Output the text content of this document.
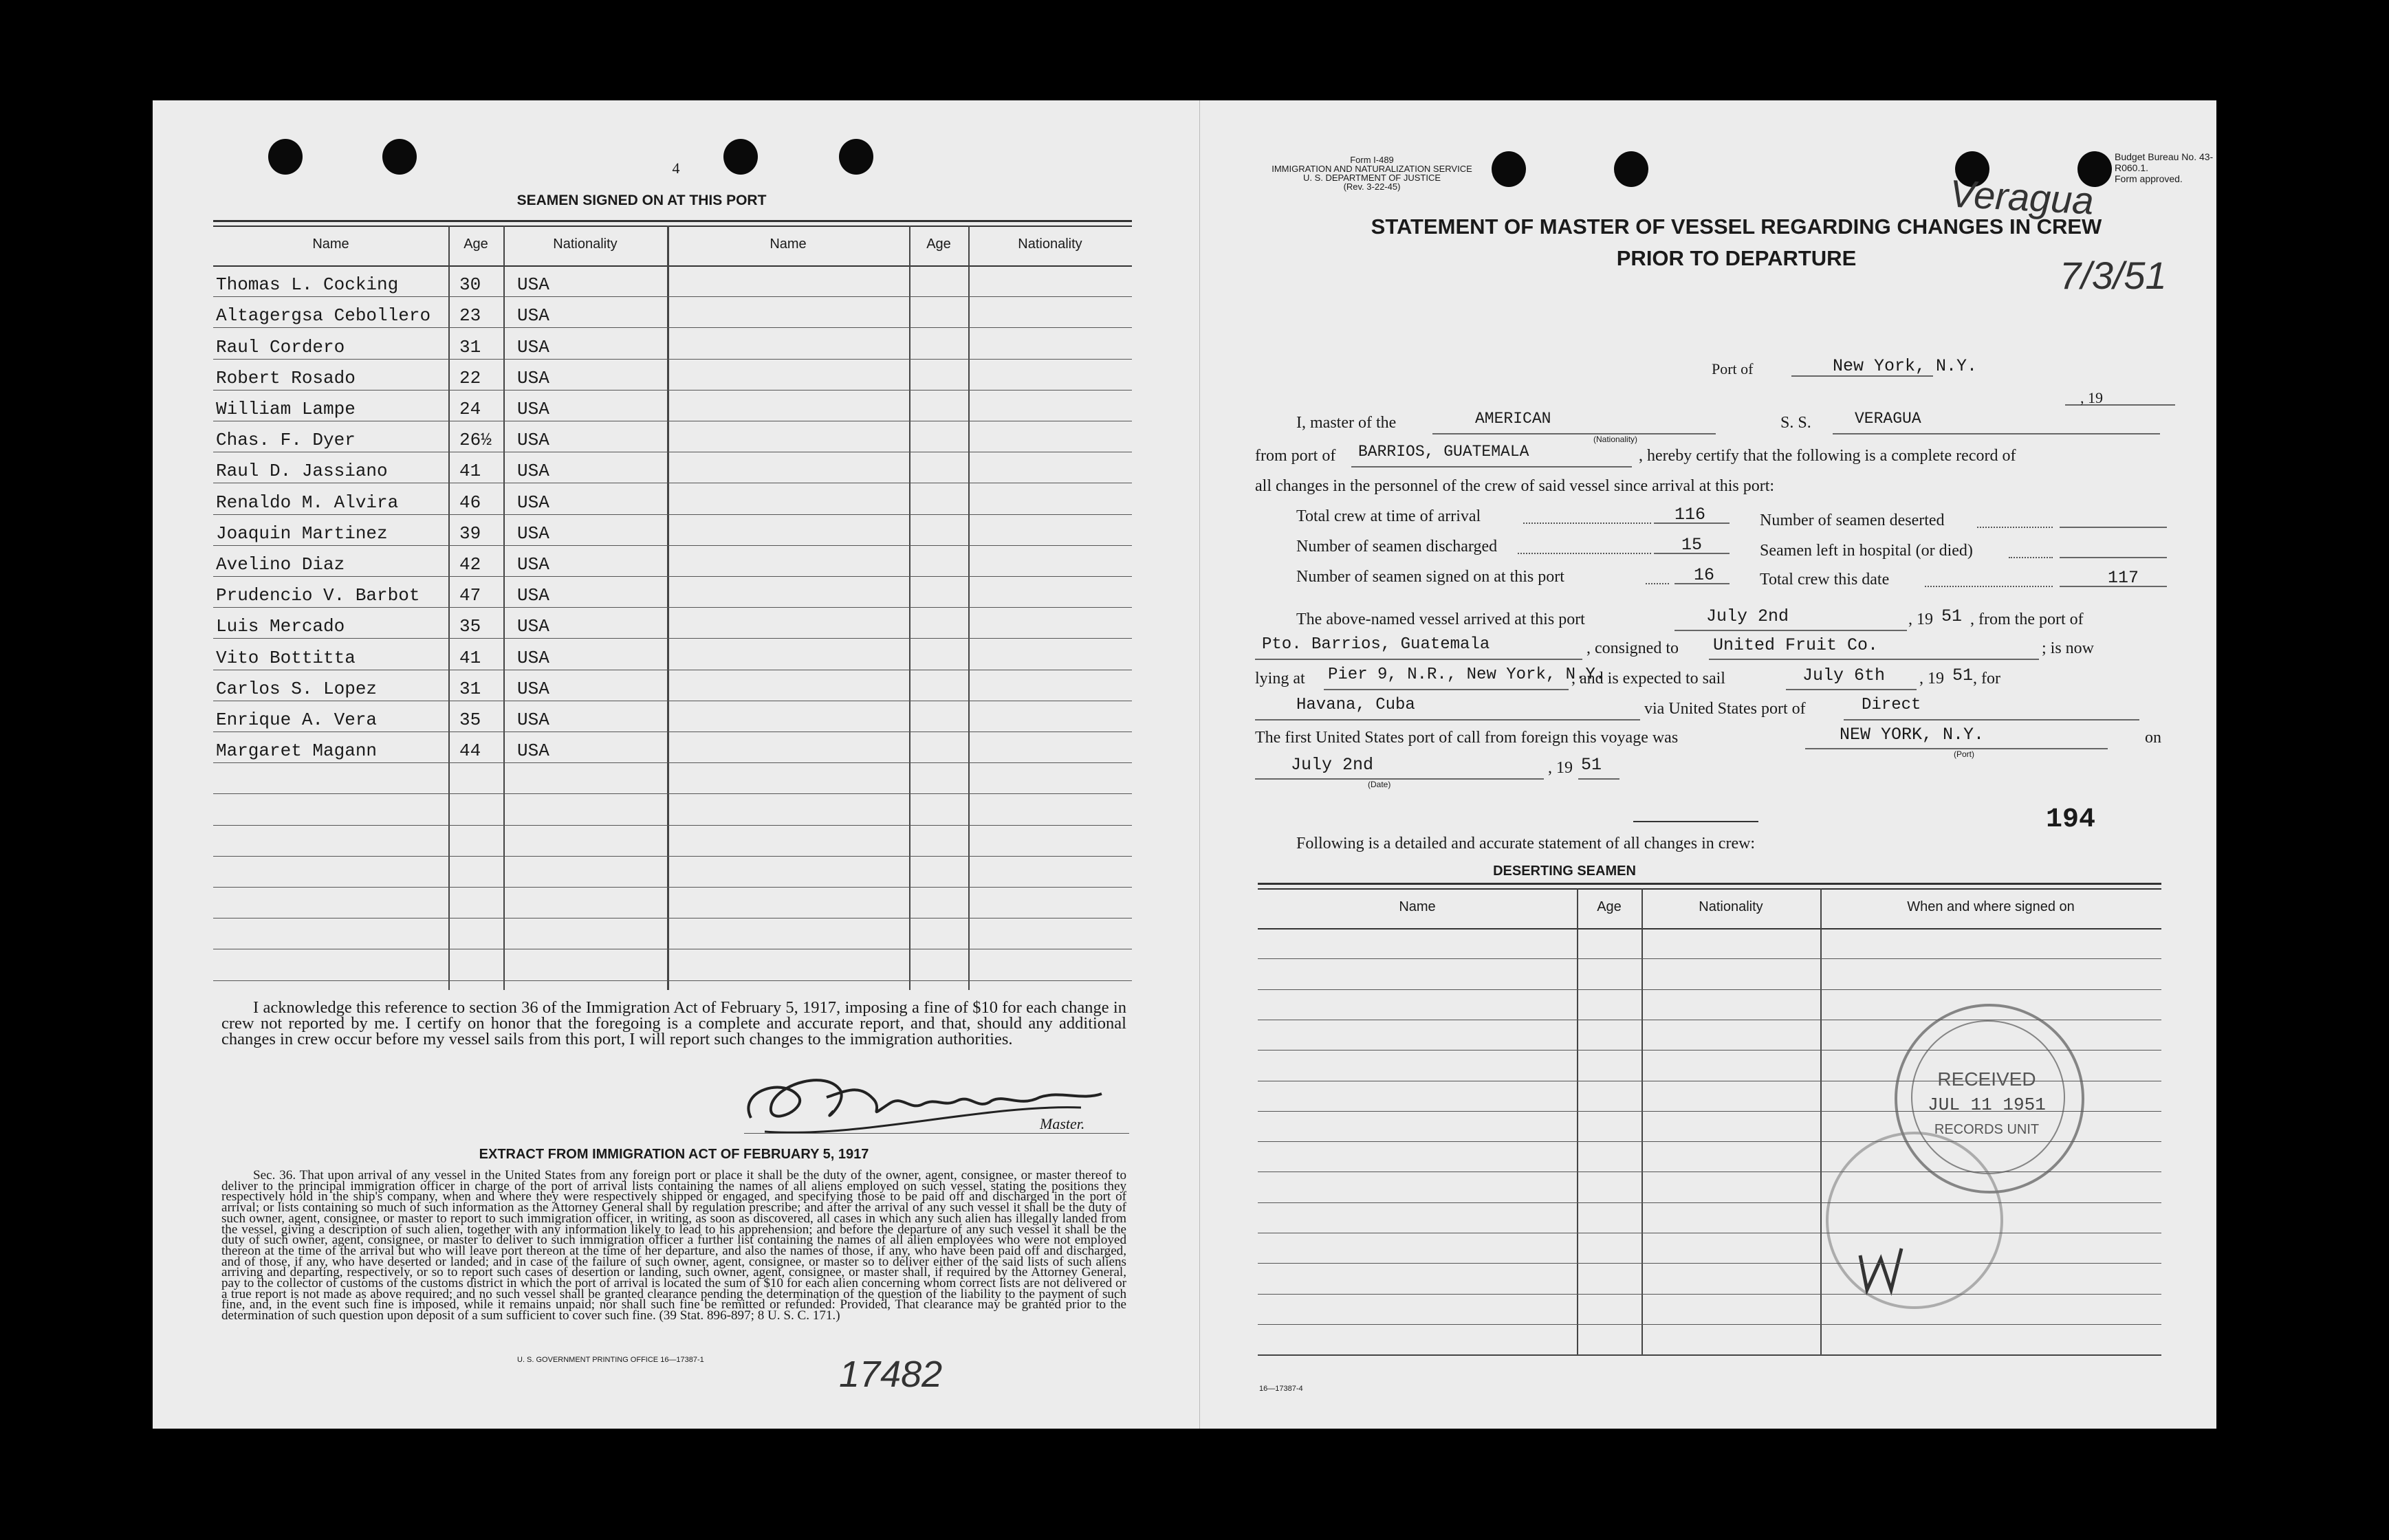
4
SEAMEN SIGNED ON AT THIS PORT
Name	Age	Nationality	Name	Age	Nationality
I acknowledge this reference to section 36 of the Immigration Act of February 5, 1917, imposing a fine of $10 for each change in crew not reported by me. I certify on honor that the foregoing is a complete and accurate report, and that, should any additional changes in crew occur before my vessel sails from this port, I will report such changes to the immigration authorities.
Master.
EXTRACT FROM IMMIGRATION ACT OF FEBRUARY 5, 1917
Sec. 36. That upon arrival of any vessel in the United States from any foreign port or place it shall be the duty of the owner, agent, consignee, or master thereof to deliver to the principal immigration officer in charge of the port of arrival lists containing the names of all aliens employed on such vessel, stating the positions they respectively hold in the ship's company, when and where they were respectively shipped or engaged, and specifying those to be paid off and discharged in the port of arrival; or lists containing so much of such information as the Attorney General shall by regulation prescribe; and after the arrival of any such vessel it shall be the duty of such owner, agent, consignee, or master to report to such immigration officer, in writing, as soon as discovered, all cases in which any such alien has illegally landed from the vessel, giving a description of such alien, together with any information likely to lead to his apprehension; and before the departure of any such vessel it shall be the duty of such owner, agent, consignee, or master to deliver to such immigration officer a further list containing the names of all alien employees who were not employed thereon at the time of the arrival but who will leave port thereon at the time of her departure, and also the names of those, if any, who have been paid off and discharged, and of those, if any, who have deserted or landed; and in case of the failure of such owner, agent, consignee, or master so to deliver either of the said lists of such aliens arriving and departing, respectively, or so to report such cases of desertion or landing, such owner, agent, consignee, or master shall, if required by the Attorney General, pay to the collector of customs of the customs district in which the port of arrival is located the sum of $10 for each alien concerning whom correct lists are not delivered or a true report is not made as above required; and no such vessel shall be granted clearance pending the determination of the question of the liability to the payment of such fine, and, in the event such fine is imposed, while it remains unpaid; nor shall such fine be remitted or refunded: Provided, That clearance may be granted prior to the determination of such question upon deposit of a sum sufficient to cover such fine. (39 Stat. 896-897; 8 U. S. C. 171.)
U. S. GOVERNMENT PRINTING OFFICE 16—17387-1	17482
Thomas L. Cocking	30 USA
Altagergsa Cebollero 23 USA
Raul Cordero	31 USA
Robert Rosado	22 USA
William Lampe	24 USA
Chas. F. Dyer	26½ USA
Raul D. Jassiano	41 USA
Renaldo M. Alvira	46 USA
Joaquin Martinez	39 USA
Avelino Diaz	42 USA
Prudencio V. Barbot 47 USA
Luis Mercado	35 USA
Vito Bottitta	41 USA
Carlos S. Lopez	31 USA
Enrique A. Vera	35 USA
Margaret Magann	44 USA
Form I-489
IMMIGRATION AND NATURALIZATION SERVICE
U. S. DEPARTMENT OF JUSTICE
(Rev. 3-22-45)
Budget Bureau No. 43-R060.1.
Form approved.
Veragua
7/3/51
STATEMENT OF MASTER OF VESSEL REGARDING CHANGES IN CREW
PRIOR TO DEPARTURE
Port of	New York, N.Y.
, 19
I, master of the	AMERICAN
(Nationality)
S. S.	VERAGUA
from port of BARRIOS, GUATEMALA	, hereby certify that the following is a complete record of
all changes in the personnel of the crew of said vessel since arrival at this port:
Total crew at time of arrival	116
Number of seamen discharged	15
Number of seamen signed on at this port	16
Number of seamen deserted
Seamen left in hospital (or died)
Total crew this date	117
The above-named vessel arrived at this port	July 2nd	, 19 51 , from the port of
Pto. Barrios, Guatemala	, consigned to United Fruit Co.	; is now
lying at Pier 9, N.R., New York, N.Y.
, and is expected to sail	July 6th , 19 51 , for
Havana, Cuba	via United States port of	Direct
The first United States port of call from foreign this voyage was	NEW YORK, N.Y.
(Port)
on
July 2nd
(Date)
, 19 51
194
Following is a detailed and accurate statement of all changes in crew:
DESERTING SEAMEN
Name	Age	Nationality	When and where signed on
RECEIVED
JUL 11 1951
RECORDS UNIT
16—17387-4
